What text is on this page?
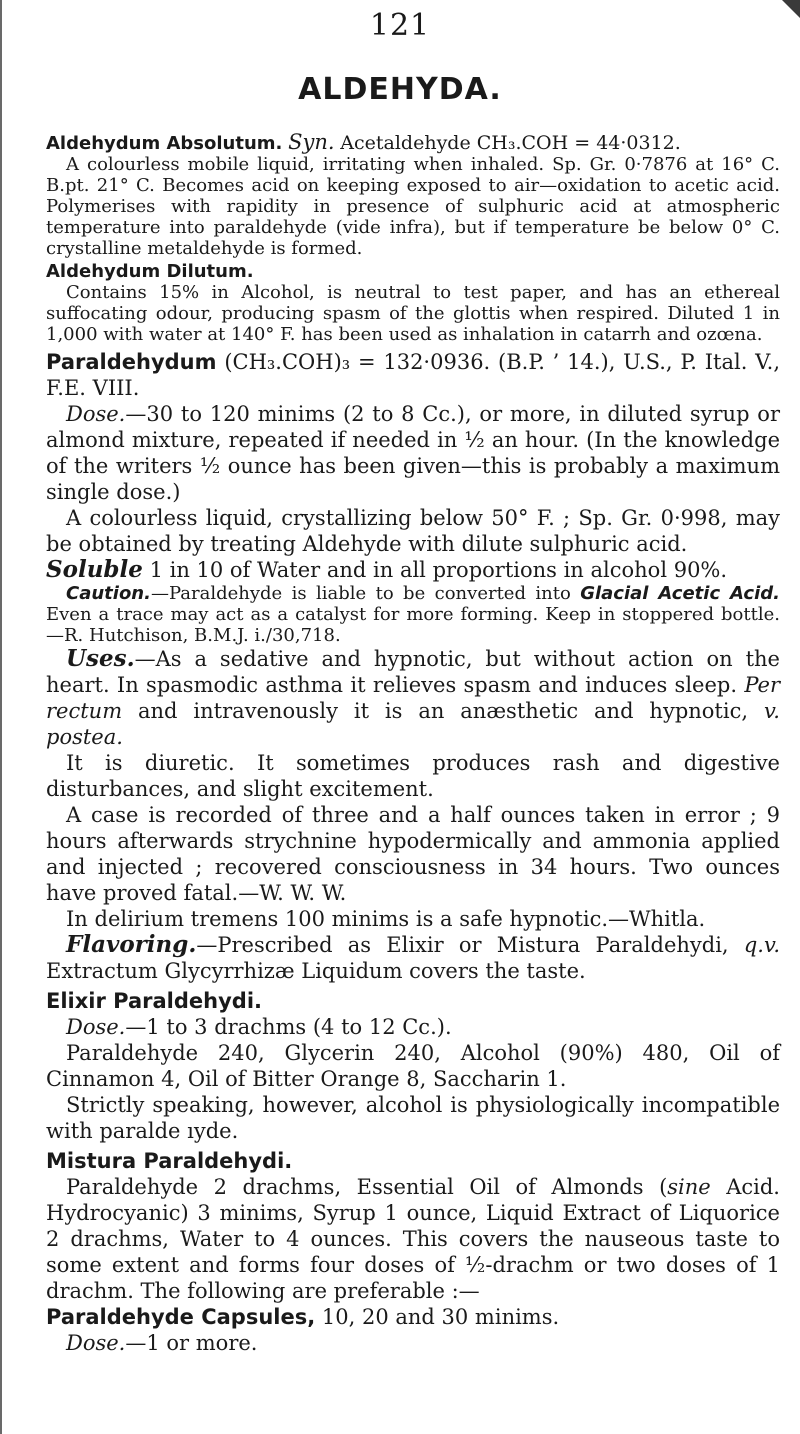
121
ALDEHYDA.

Aldehydum Absolutum. Syn. Acetaldehyde CH₃.COH = 44·0312.

A colourless mobile liquid, irritating when inhaled. Sp. Gr. 0·7876 at 16° C. B.pt. 21° C. Becomes acid on keeping exposed to air—oxidation to acetic acid. Polymerises with rapidity in presence of sulphuric acid at atmospheric temperature into paraldehyde (vide infra), but if temperature be below 0° C. crystalline metaldehyde is formed.

Aldehydum Dilutum.

Contains 15% in Alcohol, is neutral to test paper, and has an ethereal suffocating odour, producing spasm of the glottis when respired. Diluted 1 in 1,000 with water at 140° F. has been used as inhalation in catarrh and ozœna.

Paraldehydum (CH₃.COH)₃ = 132·0936. (B.P. ’ 14.), U.S., P. Ital. V., F.E. VIII.

Dose.—30 to 120 minims (2 to 8 Cc.), or more, in diluted syrup or almond mixture, repeated if needed in ½ an hour. (In the knowledge of the writers ½ ounce has been given—this is probably a maximum single dose.)

A colourless liquid, crystallizing below 50° F. ; Sp. Gr. 0·998, may be obtained by treating Aldehyde with dilute sulphuric acid.

Soluble 1 in 10 of Water and in all proportions in alcohol 90%.

Caution.—Paraldehyde is liable to be converted into Glacial Acetic Acid. Even a trace may act as a catalyst for more forming. Keep in stoppered bottle.—R. Hutchison, B.M.J. i./30,718.

Uses.—As a sedative and hypnotic, but without action on the heart. In spasmodic asthma it relieves spasm and induces sleep. Per rectum and intravenously it is an anæsthetic and hypnotic, v. postea.

It is diuretic. It sometimes produces rash and digestive disturbances, and slight excitement.

A case is recorded of three and a half ounces taken in error ; 9 hours afterwards strychnine hypodermically and ammonia applied and injected ; recovered consciousness in 34 hours. Two ounces have proved fatal.—W. W. W.

In delirium tremens 100 minims is a safe hypnotic.—Whitla.

Flavoring.—Prescribed as Elixir or Mistura Paraldehydi, q.v. Extractum Glycyrrhizæ Liquidum covers the taste.

Elixir Paraldehydi.

Dose.—1 to 3 drachms (4 to 12 Cc.).

Paraldehyde 240, Glycerin 240, Alcohol (90%) 480, Oil of Cinnamon 4, Oil of Bitter Orange 8, Saccharin 1.

Strictly speaking, however, alcohol is physiologically incompatible with paralde ıyde.

Mistura Paraldehydi.

Paraldehyde 2 drachms, Essential Oil of Almonds (sine Acid. Hydrocyanic) 3 minims, Syrup 1 ounce, Liquid Extract of Liquorice 2 drachms, Water to 4 ounces. This covers the nauseous taste to some extent and forms four doses of ½-drachm or two doses of 1 drachm. The following are preferable :—

Paraldehyde Capsules, 10, 20 and 30 minims.

Dose.—1 or more.
